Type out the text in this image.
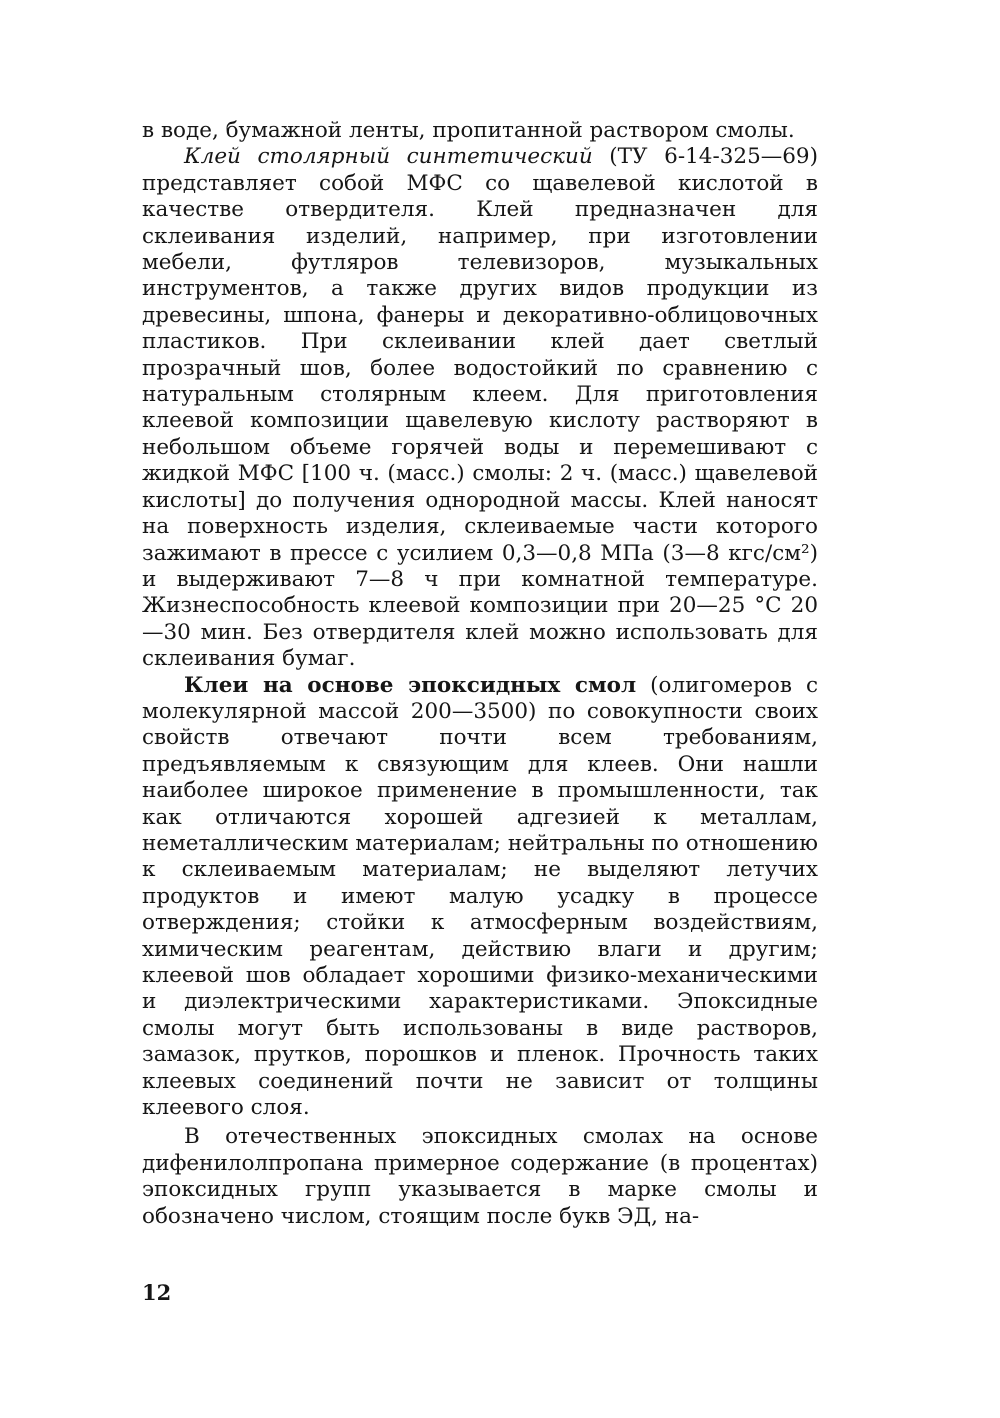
в воде, бумажной ленты, пропитанной раствором смолы.

Клей столярный синтетический (ТУ 6-14-325—69) представляет собой МФС со щавелевой кислотой в качестве отвердителя. Клей предназначен для склеивания изделий, например, при изготовлении мебели, футляров телевизоров, музыкальных инструментов, а также других видов продукции из древесины, шпона, фанеры и декоративно-облицовочных пластиков. При склеивании клей дает светлый прозрачный шов, более водостойкий по сравнению с натуральным столярным клеем. Для приготовления клеевой композиции щавелевую кислоту растворяют в небольшом объеме горячей воды и перемешивают с жидкой МФС [100 ч. (масс.) смолы: 2 ч. (масс.) щавелевой кислоты] до получения однородной массы. Клей наносят на поверхность изделия, склеиваемые части которого зажимают в прессе с усилием 0,3—0,8 МПа (3—8 кгс/см²) и выдерживают 7—8 ч при комнатной температуре. Жизнеспособность клеевой композиции при 20—25 °С 20—30 мин. Без отвердителя клей можно использовать для склеивания бумаг.

Клеи на основе эпоксидных смол (олигомеров с молекулярной массой 200—3500) по совокупности своих свойств отвечают почти всем требованиям, предъявляемым к связующим для клеев. Они нашли наиболее широкое применение в промышленности, так как отличаются хорошей адгезией к металлам, неметаллическим материалам; нейтральны по отношению к склеиваемым материалам; не выделяют летучих продуктов и имеют малую усадку в процессе отверждения; стойки к атмосферным воздействиям, химическим реагентам, действию влаги и другим; клеевой шов обладает хорошими физико-механическими и диэлектрическими характеристиками. Эпоксидные смолы могут быть использованы в виде растворов, замазок, прутков, порошков и пленок. Прочность таких клеевых соединений почти не зависит от толщины клеевого слоя.

В отечественных эпоксидных смолах на основе дифенилолпропана примерное содержание (в процентах) эпоксидных групп указывается в марке смолы и обозначено числом, стоящим после букв ЭД, на-

12
